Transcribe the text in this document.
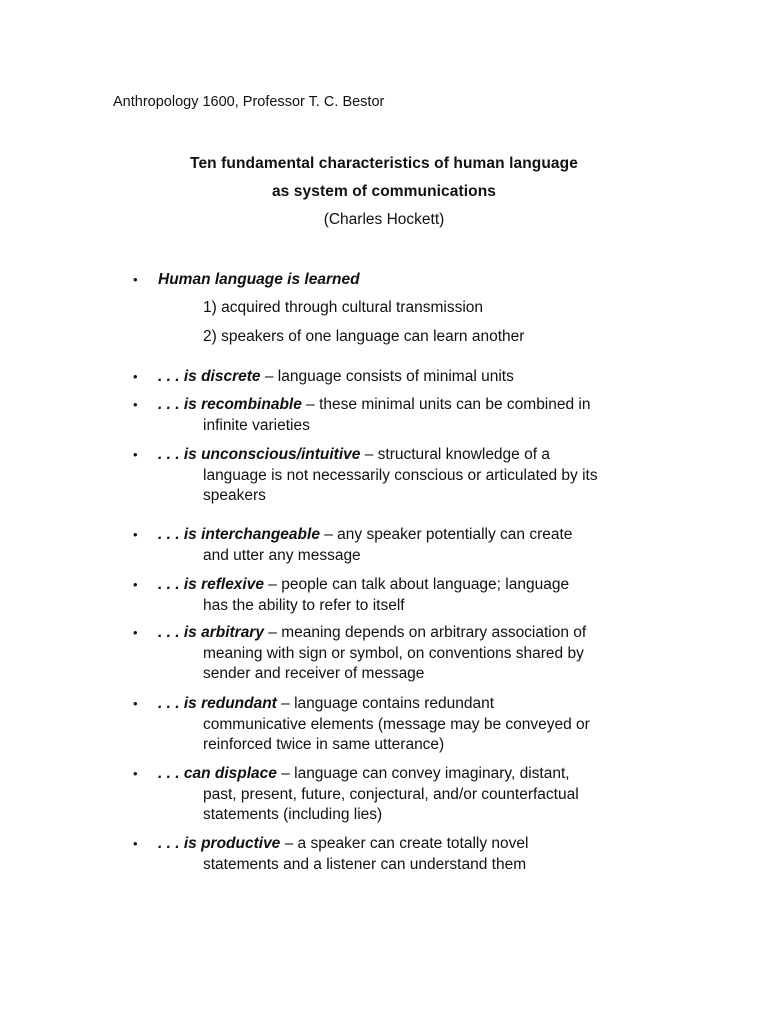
Anthropology 1600, Professor T. C. Bestor
Ten fundamental characteristics of human language
as system of communications
(Charles Hockett)
• Human language is learned
1) acquired through cultural transmission
2) speakers of one language can learn another
• . . . is discrete – language consists of minimal units
• . . . is recombinable – these minimal units can be combined in
infinite varieties
• . . . is unconscious/intuitive – structural knowledge of a
language is not necessarily conscious or articulated by its
speakers
• . . . is interchangeable – any speaker potentially can create
and utter any message
• . . . is reflexive – people can talk about language; language
has the ability to refer to itself
• . . . is arbitrary – meaning depends on arbitrary association of
meaning with sign or symbol, on conventions shared by
sender and receiver of message
• . . . is redundant – language contains redundant
communicative elements (message may be conveyed or
reinforced twice in same utterance)
• . . . can displace – language can convey imaginary, distant,
past, present, future, conjectural, and/or counterfactual
statements (including lies)
• . . . is productive – a speaker can create totally novel
statements and a listener can understand them
